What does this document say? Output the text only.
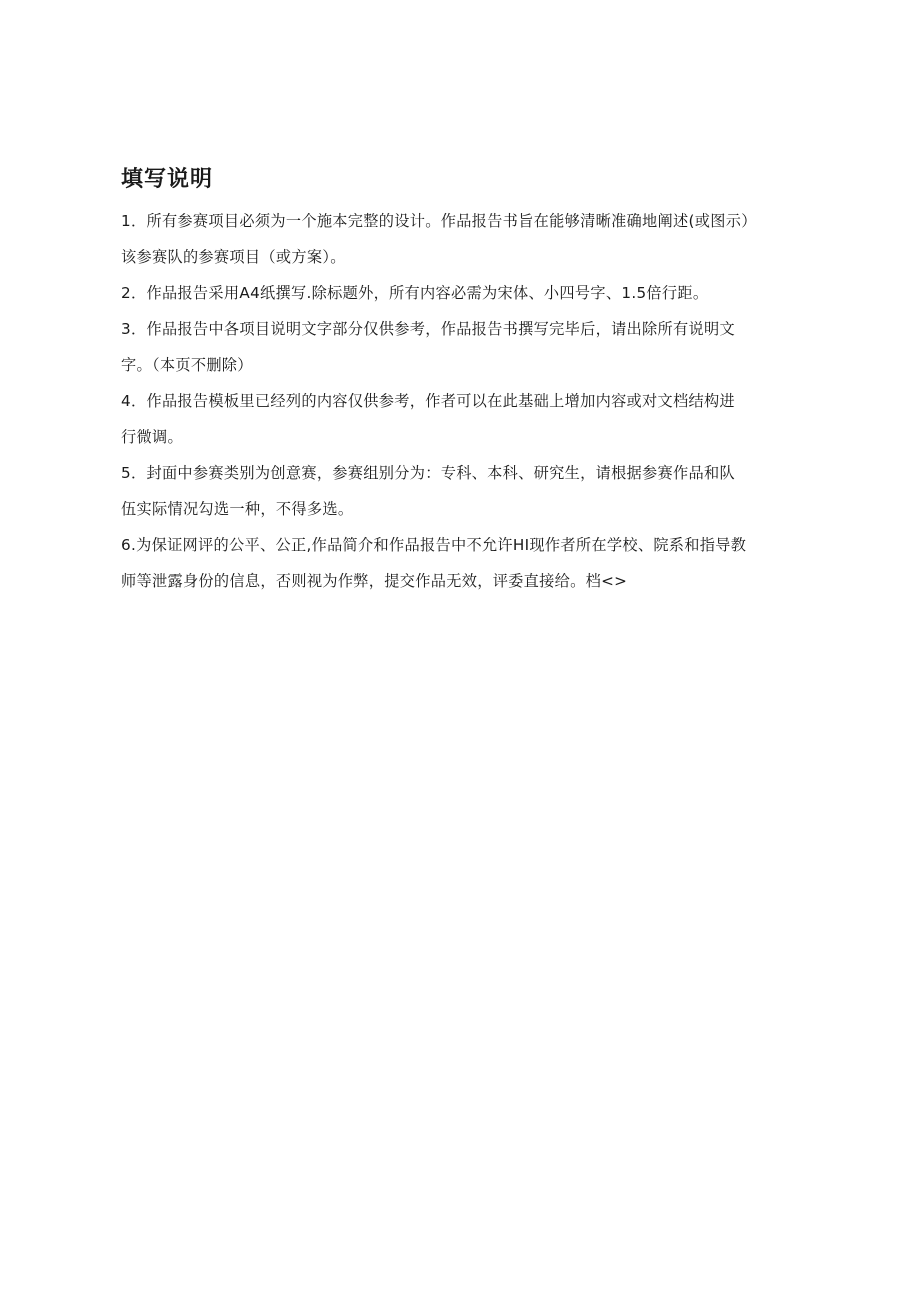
填写说明
1．所有参赛项目必须为一个施本完整的设计。作品报告书旨在能够清晰准确地阐述(或图示）
该参赛队的参赛项目（或方案）。
2．作品报告采用A4纸撰写.除标题外，所有内容必需为宋体、小四号字、1.5倍行距。
3．作品报告中各项目说明文字部分仅供参考，作品报告书撰写完毕后，请出除所有说明文
字。（本页不删除）
4．作品报告模板里已经列的内容仅供参考，作者可以在此基础上增加内容或对文档结构进
行微调。
5．封面中参赛类别为创意赛，参赛组别分为：专科、本科、研究生，请根据参赛作品和队
伍实际情况勾选一种，不得多选。
6.为保证网评的公平、公正,作品简介和作品报告中不允许HI现作者所在学校、院系和指导教
师等泄露身份的信息，否则视为作弊，提交作品无效，评委直接给。档<>
